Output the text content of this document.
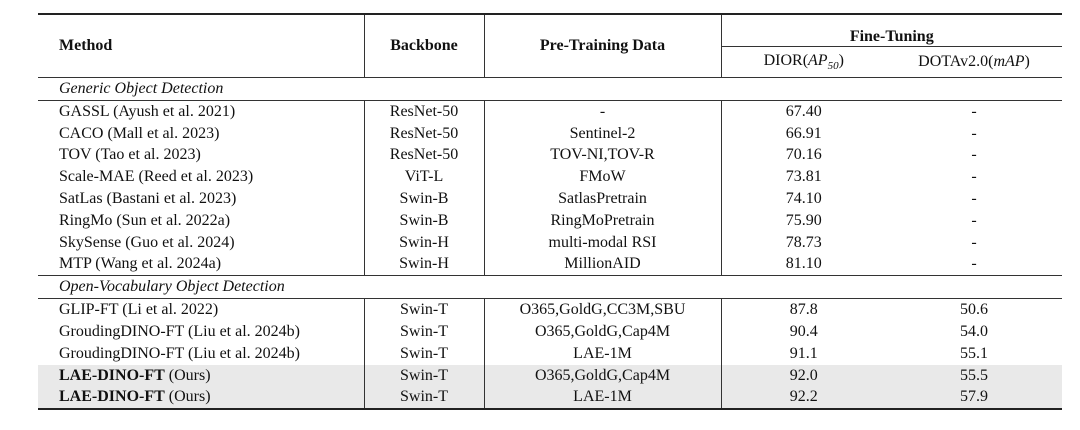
Method	Backbone	Pre-Training Data	Fine-Tuning	
			$DIOR(AP_{50})$	DOTAv2.0(mAP)
Generic Object Detection				
GASSL (Ayush et al. 2021)	ResNet-50	-	67.40	-
CACO (Mall et al. 2023)	ResNet-50	Sentinel-2	66.91	-
TOV (Tao et al. 2023)	ResNet-50	TOV-NI,TOV-R	70.16	-
Scale-MAE (Reed et al. 2023)	ViT-L	FMoW	73.81	-
SatLas (Bastani et al. 2023)	Swin-B	SatlasPretrain	74.10	-
RingMo (Sun et al. 2022a)	Swin-B	RingMoPretrain	75.90	-
SkySense (Guo et al. 2024)	Swin-H	multi-modal RSI	78.73	-
MTP (Wang et al. 2024a)	Swin-H	MillionAID	81.10	-
Open-Vocabulary Object Detection				
GLIP-FT (Li et al. 2022)	Swin-T	O365,GoldG,CC3M,SBU	87.8	50.6
GroudingDINO-FT (Liu et al. 2024b)	Swin-T	O365,GoldG,Cap4M	90.4	54.0
GroudingDINO-FT (Liu et al. 2024b)	Swin-T	LAE-1M	91.1	55.1
LAE-DINO-FT (Ours)	Swin-T	O365,GoldG,Cap4M	92.0	55.5
LAE-DINO-FT (Ours)	Swin-T	LAE-1M	92.2	57.9
